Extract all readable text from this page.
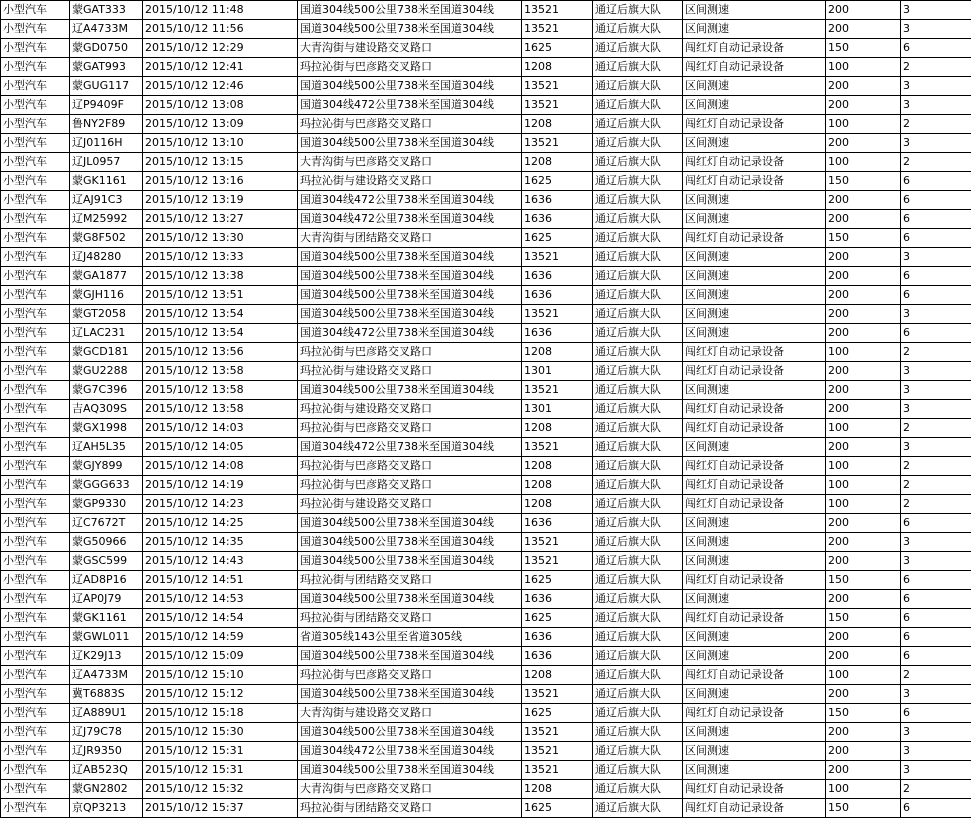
小型汽车	蒙GAT333	2015/10/12 11:48	国道304线500公里738米至国道304线	13521	通辽后旗大队	区间测速	200	3
小型汽车	辽A4733M	2015/10/12 11:56	国道304线500公里738米至国道304线	13521	通辽后旗大队	区间测速	200	3
小型汽车	蒙GD0750	2015/10/12 12:29	大青沟街与建设路交叉路口	1625	通辽后旗大队	闯红灯自动记录设备	150	6
小型汽车	蒙GAT993	2015/10/12 12:41	玛拉沁街与巴彦路交叉路口	1208	通辽后旗大队	闯红灯自动记录设备	100	2
小型汽车	蒙GUG117	2015/10/12 12:46	国道304线500公里738米至国道304线	13521	通辽后旗大队	区间测速	200	3
小型汽车	辽P9409F	2015/10/12 13:08	国道304线472公里738米至国道304线	13521	通辽后旗大队	区间测速	200	3
小型汽车	鲁NY2F89	2015/10/12 13:09	玛拉沁街与巴彦路交叉路口	1208	通辽后旗大队	闯红灯自动记录设备	100	2
小型汽车	辽J0116H	2015/10/12 13:10	国道304线500公里738米至国道304线	13521	通辽后旗大队	区间测速	200	3
小型汽车	辽JL0957	2015/10/12 13:15	大青沟街与巴彦路交叉路口	1208	通辽后旗大队	闯红灯自动记录设备	100	2
小型汽车	蒙GK1161	2015/10/12 13:16	玛拉沁街与建设路交叉路口	1625	通辽后旗大队	闯红灯自动记录设备	150	6
小型汽车	辽AJ91C3	2015/10/12 13:19	国道304线472公里738米至国道304线	1636	通辽后旗大队	区间测速	200	6
小型汽车	辽M25992	2015/10/12 13:27	国道304线472公里738米至国道304线	1636	通辽后旗大队	区间测速	200	6
小型汽车	蒙G8F502	2015/10/12 13:30	大青沟街与团结路交叉路口	1625	通辽后旗大队	闯红灯自动记录设备	150	6
小型汽车	辽J48280	2015/10/12 13:33	国道304线500公里738米至国道304线	13521	通辽后旗大队	区间测速	200	3
小型汽车	蒙GA1877	2015/10/12 13:38	国道304线500公里738米至国道304线	1636	通辽后旗大队	区间测速	200	6
小型汽车	蒙GJH116	2015/10/12 13:51	国道304线500公里738米至国道304线	1636	通辽后旗大队	区间测速	200	6
小型汽车	蒙GT2058	2015/10/12 13:54	国道304线500公里738米至国道304线	13521	通辽后旗大队	区间测速	200	3
小型汽车	辽LAC231	2015/10/12 13:54	国道304线472公里738米至国道304线	1636	通辽后旗大队	区间测速	200	6
小型汽车	蒙GCD181	2015/10/12 13:56	玛拉沁街与巴彦路交叉路口	1208	通辽后旗大队	闯红灯自动记录设备	100	2
小型汽车	蒙GU2288	2015/10/12 13:58	玛拉沁街与建设路交叉路口	1301	通辽后旗大队	闯红灯自动记录设备	200	3
小型汽车	蒙G7C396	2015/10/12 13:58	国道304线500公里738米至国道304线	13521	通辽后旗大队	区间测速	200	3
小型汽车	吉AQ309S	2015/10/12 13:58	玛拉沁街与建设路交叉路口	1301	通辽后旗大队	闯红灯自动记录设备	200	3
小型汽车	蒙GX1998	2015/10/12 14:03	玛拉沁街与巴彦路交叉路口	1208	通辽后旗大队	闯红灯自动记录设备	100	2
小型汽车	辽AH5L35	2015/10/12 14:05	国道304线472公里738米至国道304线	13521	通辽后旗大队	区间测速	200	3
小型汽车	蒙GJY899	2015/10/12 14:08	玛拉沁街与巴彦路交叉路口	1208	通辽后旗大队	闯红灯自动记录设备	100	2
小型汽车	蒙GGG633	2015/10/12 14:19	玛拉沁街与巴彦路交叉路口	1208	通辽后旗大队	闯红灯自动记录设备	100	2
小型汽车	蒙GP9330	2015/10/12 14:23	玛拉沁街与建设路交叉路口	1208	通辽后旗大队	闯红灯自动记录设备	100	2
小型汽车	辽C7672T	2015/10/12 14:25	国道304线500公里738米至国道304线	1636	通辽后旗大队	区间测速	200	6
小型汽车	蒙G50966	2015/10/12 14:35	国道304线500公里738米至国道304线	13521	通辽后旗大队	区间测速	200	3
小型汽车	蒙GSC599	2015/10/12 14:43	国道304线500公里738米至国道304线	13521	通辽后旗大队	区间测速	200	3
小型汽车	辽AD8P16	2015/10/12 14:51	玛拉沁街与团结路交叉路口	1625	通辽后旗大队	闯红灯自动记录设备	150	6
小型汽车	辽AP0J79	2015/10/12 14:53	国道304线500公里738米至国道304线	1636	通辽后旗大队	区间测速	200	6
小型汽车	蒙GK1161	2015/10/12 14:54	玛拉沁街与团结路交叉路口	1625	通辽后旗大队	闯红灯自动记录设备	150	6
小型汽车	蒙GWL011	2015/10/12 14:59	省道305线143公里至省道305线	1636	通辽后旗大队	区间测速	200	6
小型汽车	辽K29J13	2015/10/12 15:09	国道304线500公里738米至国道304线	1636	通辽后旗大队	区间测速	200	6
小型汽车	辽A4733M	2015/10/12 15:10	玛拉沁街与巴彦路交叉路口	1208	通辽后旗大队	闯红灯自动记录设备	100	2
小型汽车	冀T6883S	2015/10/12 15:12	国道304线500公里738米至国道304线	13521	通辽后旗大队	区间测速	200	3
小型汽车	辽A889U1	2015/10/12 15:18	大青沟街与建设路交叉路口	1625	通辽后旗大队	闯红灯自动记录设备	150	6
小型汽车	辽J79C78	2015/10/12 15:30	国道304线500公里738米至国道304线	13521	通辽后旗大队	区间测速	200	3
小型汽车	辽JR9350	2015/10/12 15:31	国道304线472公里738米至国道304线	13521	通辽后旗大队	区间测速	200	3
小型汽车	辽AB523Q	2015/10/12 15:31	国道304线500公里738米至国道304线	13521	通辽后旗大队	区间测速	200	3
小型汽车	蒙GN2802	2015/10/12 15:32	大青沟街与巴彦路交叉路口	1208	通辽后旗大队	闯红灯自动记录设备	100	2
小型汽车	京QP3213	2015/10/12 15:37	玛拉沁街与团结路交叉路口	1625	通辽后旗大队	闯红灯自动记录设备	150	6
